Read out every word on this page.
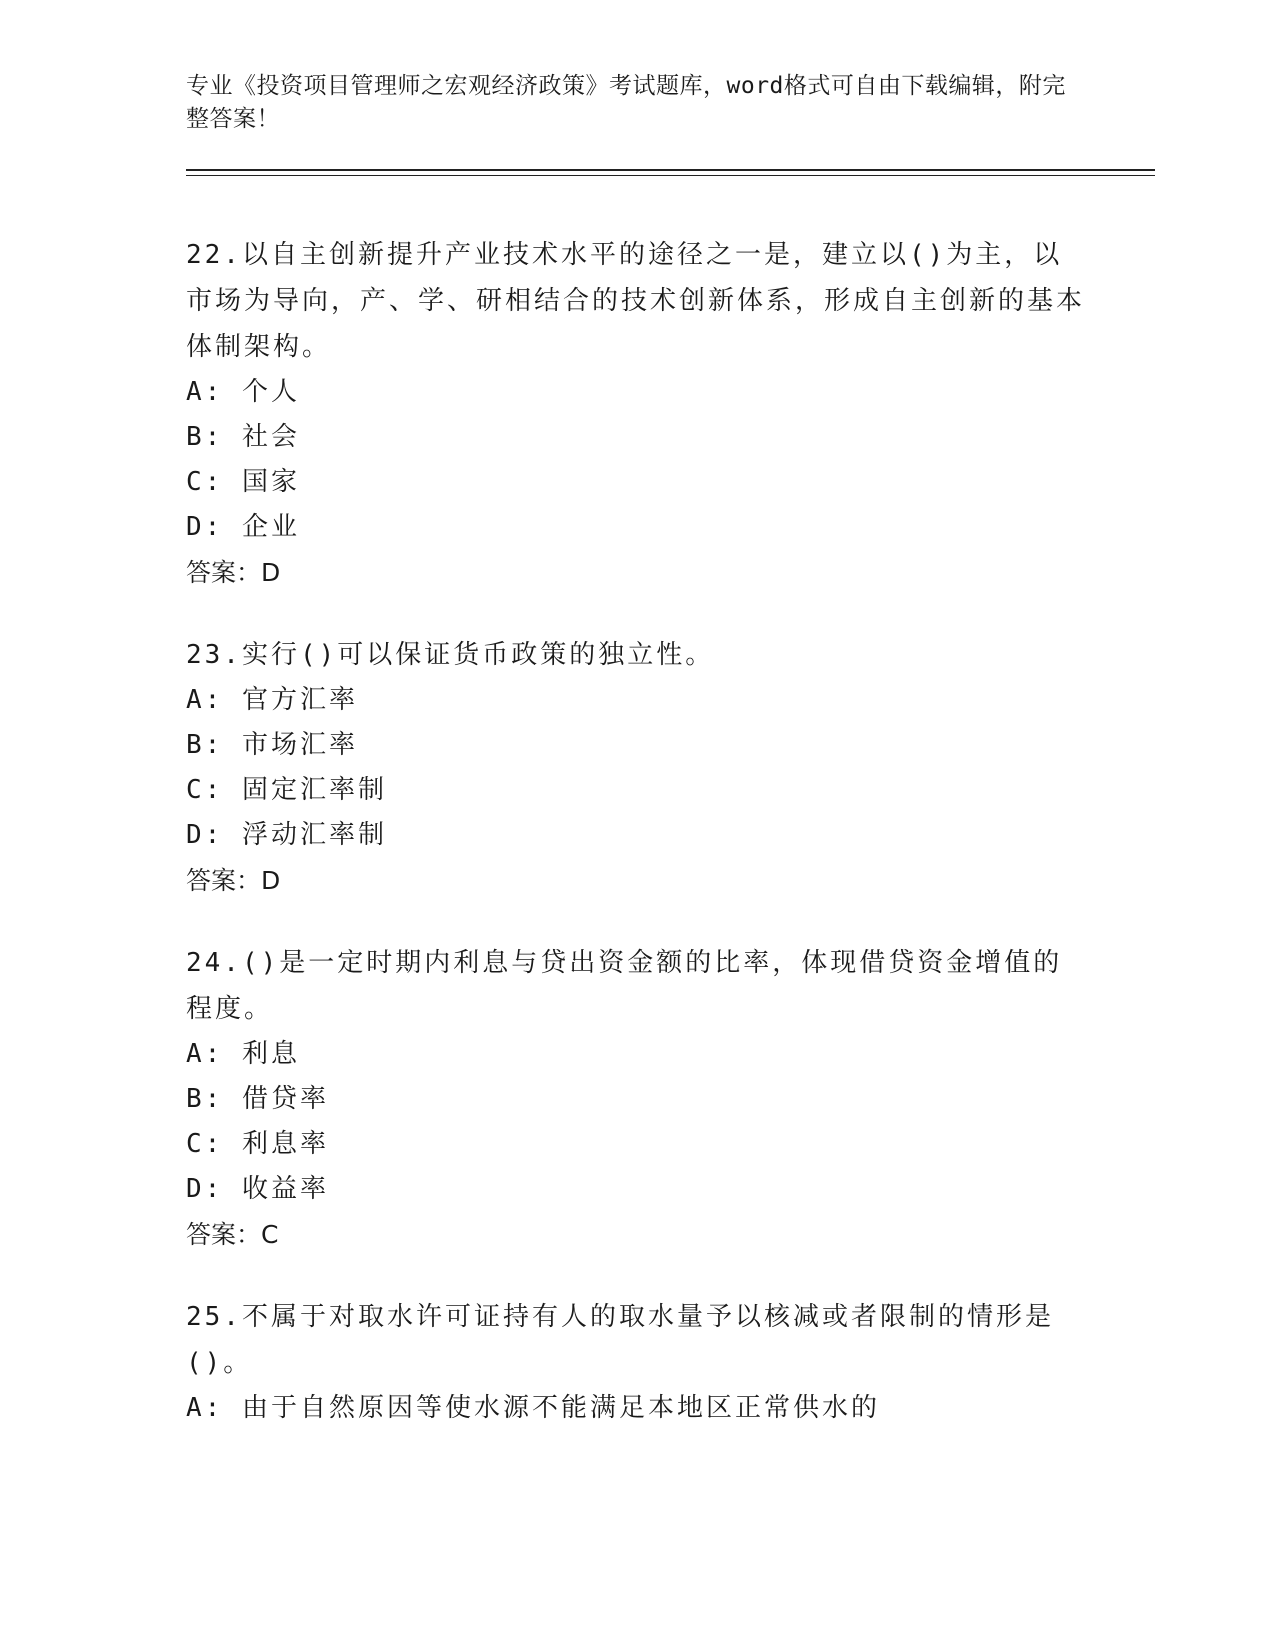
专业《投资项目管理师之宏观经济政策》考试题库，word格式可自由下载编辑，附完整答案！

22.以自主创新提升产业技术水平的途径之一是，建立以()为主，以市场为导向，产、学、研相结合的技术创新体系，形成自主创新的基本体制架构。

A: 个人

B: 社会

C: 国家

D: 企业

答案：D

23.实行()可以保证货币政策的独立性。

A: 官方汇率

B: 市场汇率

C: 固定汇率制

D: 浮动汇率制

答案：D

24.()是一定时期内利息与贷出资金额的比率，体现借贷资金增值的程度。

A: 利息

B: 借贷率

C: 利息率

D: 收益率

答案：C

25.不属于对取水许可证持有人的取水量予以核减或者限制的情形是()。

A: 由于自然原因等使水源不能满足本地区正常供水的
